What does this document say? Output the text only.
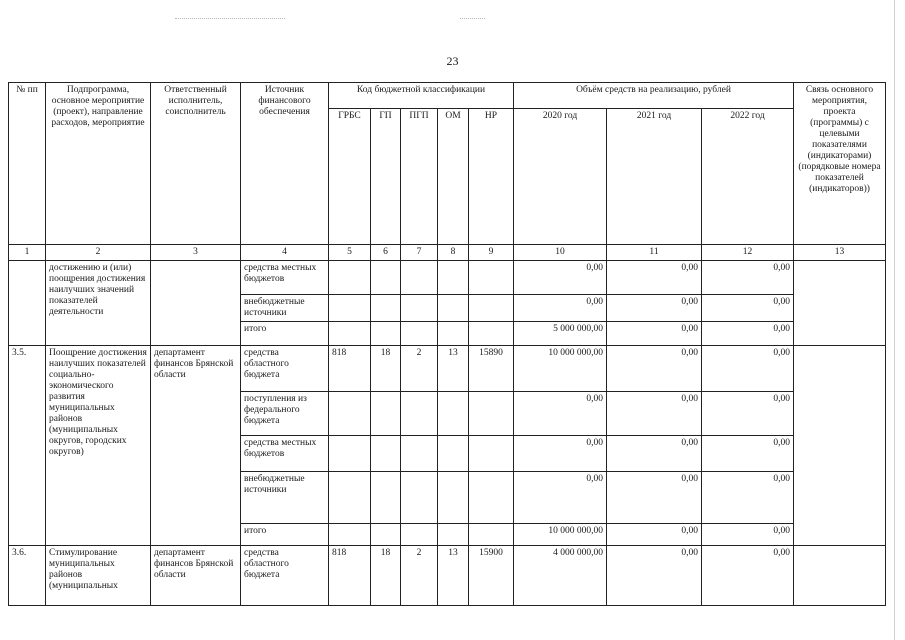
23
№ пп	Подпрограмма, основное мероприятие (проект), направление расходов, мероприятие	Ответственный исполнитель, соисполнитель	Источник финансового обеспечения	Код бюджетной классификации					Объём средств на реализацию, рублей			Связь основного мероприятия, проекта (программы) с целевыми показателями (индикаторами) (порядковые номера показателей (индикаторов))
				ГРБС	ГП	ПГП	ОМ	НР	2020 год	2021 год	2022 год	
1	2	3	4	5	6	7	8	9	10	11	12	13
	достижению и (или) поощрения достижения наилучших значений показателей деятельности		средства местных бюджетов						0,00	0,00	0,00	
			внебюджетные источники						0,00	0,00	0,00	
			итого						5 000 000,00	0,00	0,00	
3.5.	Поощрение достижения наилучших показателей социально-экономического развития муниципальных районов (муниципальных округов, городских округов)	департамент финансов Брянской области	средства областного бюджета	818	18	2	13	15890	10 000 000,00	0,00	0,00	
			поступления из федерального бюджета						0,00	0,00	0,00	
			средства местных бюджетов						0,00	0,00	0,00	
			внебюджетные источники						0,00	0,00	0,00	
			итого						10 000 000,00	0,00	0,00	
3.6.	Стимулирование муниципальных районов (муниципальных	департамент финансов Брянской области	средства областного бюджета	818	18	2	13	15900	4 000 000,00	0,00	0,00	
